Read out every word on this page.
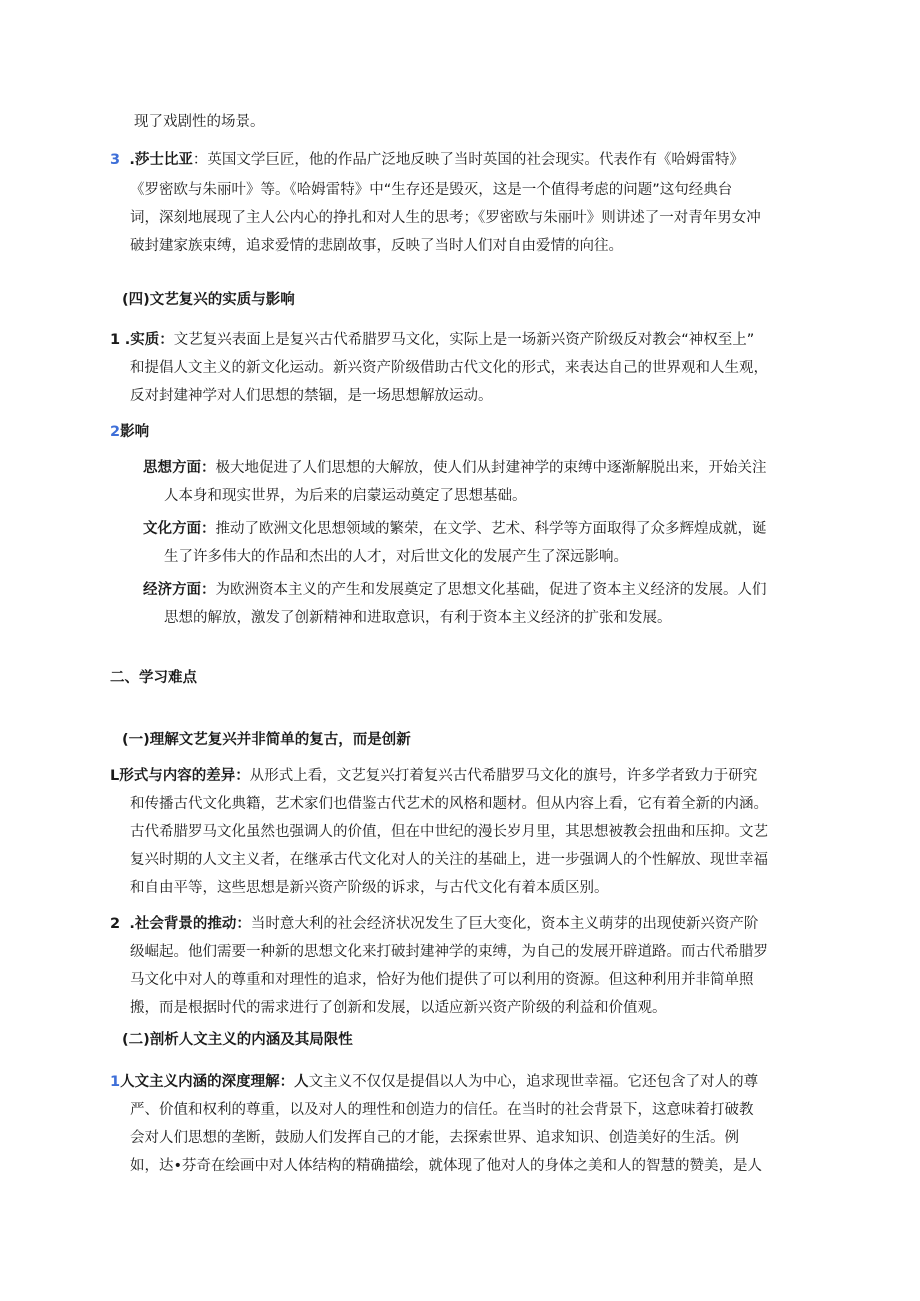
现了戏剧性的场景。
3 .莎士比亚：英国文学巨匠，他的作品广泛地反映了当时英国的社会现实。代表作有《哈姆雷特》
《罗密欧与朱丽叶》等。《哈姆雷特》中“生存还是毁灭，这是一个值得考虑的问题”这句经典台
词，深刻地展现了主人公内心的挣扎和对人生的思考；《罗密欧与朱丽叶》则讲述了一对青年男女冲
破封建家族束缚，追求爱情的悲剧故事，反映了当时人们对自由爱情的向往。
(四)文艺复兴的实质与影响
1 .实质：文艺复兴表面上是复兴古代希腊罗马文化，实际上是一场新兴资产阶级反对教会“神权至上”
和提倡人文主义的新文化运动。新兴资产阶级借助古代文化的形式，来表达自己的世界观和人生观，
反对封建神学对人们思想的禁锢，是一场思想解放运动。
2影响
思想方面：极大地促进了人们思想的大解放，使人们从封建神学的束缚中逐渐解脱出来，开始关注
人本身和现实世界，为后来的启蒙运动奠定了思想基础。
文化方面：推动了欧洲文化思想领域的繁荣，在文学、艺术、科学等方面取得了众多辉煌成就，诞
生了许多伟大的作品和杰出的人才，对后世文化的发展产生了深远影响。
经济方面：为欧洲资本主义的产生和发展奠定了思想文化基础，促进了资本主义经济的发展。人们
思想的解放，激发了创新精神和进取意识，有利于资本主义经济的扩张和发展。
二、学习难点
(一)理解文艺复兴并非简单的复古，而是创新
L形式与内容的差异：从形式上看，文艺复兴打着复兴古代希腊罗马文化的旗号，许多学者致力于研究
和传播古代文化典籍，艺术家们也借鉴古代艺术的风格和题材。但从内容上看，它有着全新的内涵。
古代希腊罗马文化虽然也强调人的价值，但在中世纪的漫长岁月里，其思想被教会扭曲和压抑。文艺
复兴时期的人文主义者，在继承古代文化对人的关注的基础上，进一步强调人的个性解放、现世幸福
和自由平等，这些思想是新兴资产阶级的诉求，与古代文化有着本质区别。
2 .社会背景的推动：当时意大利的社会经济状况发生了巨大变化，资本主义萌芽的出现使新兴资产阶
级崛起。他们需要一种新的思想文化来打破封建神学的束缚，为自己的发展开辟道路。而古代希腊罗
马文化中对人的尊重和对理性的追求，恰好为他们提供了可以利用的资源。但这种利用并非简单照
搬，而是根据时代的需求进行了创新和发展，以适应新兴资产阶级的利益和价值观。
(二)剖析人文主义的内涵及其局限性
1人文主义内涵的深度理解：人文主义不仅仅是提倡以人为中心，追求现世幸福。它还包含了对人的尊
严、价值和权利的尊重，以及对人的理性和创造力的信任。在当时的社会背景下，这意味着打破教
会对人们思想的垄断，鼓励人们发挥自己的才能，去探索世界、追求知识、创造美好的生活。例
如，达•芬奇在绘画中对人体结构的精确描绘，就体现了他对人的身体之美和人的智慧的赞美，是人
